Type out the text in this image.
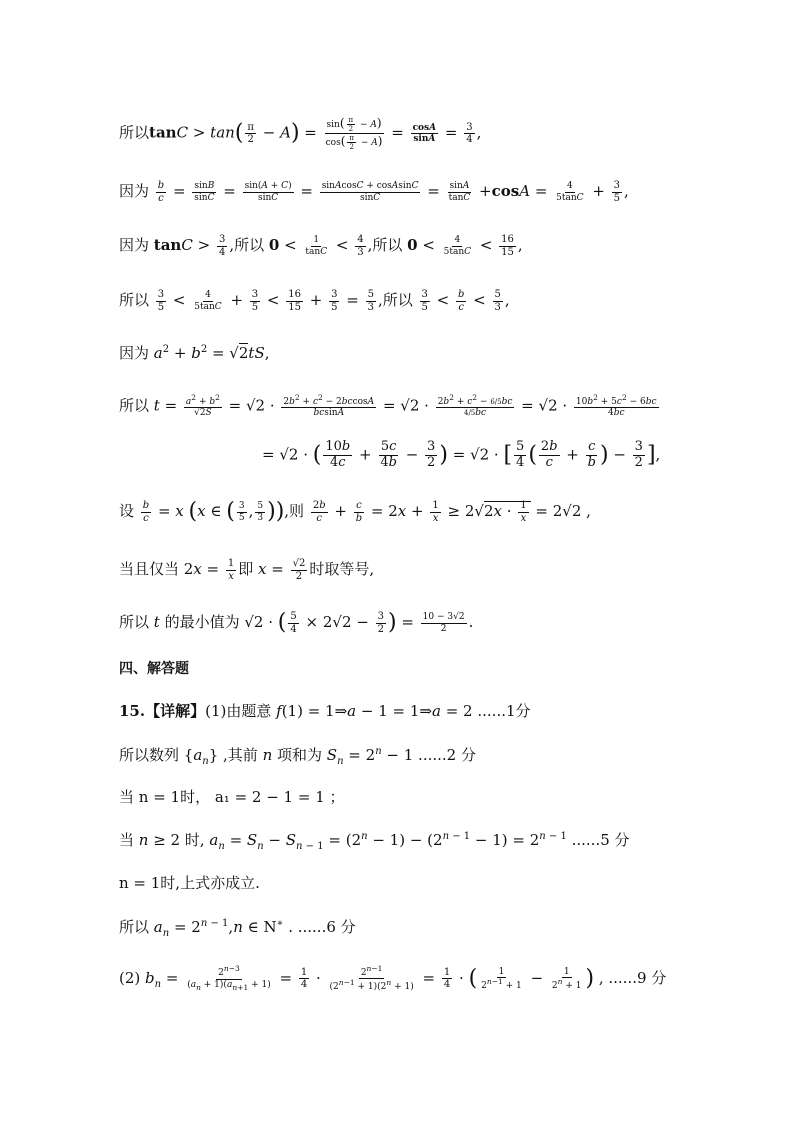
所以$\tan C > \tan( \frac{\pi}{2} - A) = \frac{\sin( \frac{\pi}{2} - A)}{\cos( \frac{\pi}{2} - A)} = \frac{\cos A}{\sin A} = \frac{3}{4}$ ,
因为 $\frac{b}{c} = \frac{\sin B}{\sin C} = \frac{\sin(A + C)}{\sin C} = \frac{\text{sinAcosC + cosAsinC}}{\sin C} = \frac{\sin A}{\tan C} +\cos A = \frac{4}{5\tan C} + \frac{3}{5}$ ,
因为 $\tan C > \frac{3}{4}$ ,所以 $0 < \frac{1}{\tan C} < \frac{4}{3}$ ,所以 $0 < \frac{4}{5\tan C} < \frac{16}{15}$ ,
所以 $\frac{3}{5} < \frac{4}{5\tan C} + \frac{3}{5} < \frac{16}{15} + \frac{3}{5} = \frac{5}{3}$ ,所以 $\frac{3}{5} < \frac{b}{c} < \frac{5}{3}$ ,
因为 $a^2 + b^2 = √2tS$,
所以 $t = \frac{a^2 + b^2}{√2S} = √2 \cdot \frac{2b^2 + c^2 - 2bccosA}{bcsinA} = √2 \cdot \frac{2b^2 + c^2 - 6/5bc}{4/5bc} = √2 \cdot \frac{10b^2 + 5c^2 - 6bc}{4bc}$
= √2 · ( $\frac{10b}{4c} + \frac{5c}{4b} - \frac{3}{2}$ ) = √2 · [ $\frac{5}{4}$ ( $\frac{2b}{c} + \frac{c}{b}$ ) − $\frac{3}{2}$ ],
设 $\frac{b}{c} = x$ (x ∈ ( $\frac{3}{5}$ , $\frac{5}{3}$ )),则 $\frac{2b}{c} + \frac{c}{b} = 2x + \frac{1}{x} \ge 2√2x \cdot \frac{1}{x} = 2√2$ ,
当且仅当 $2x = \frac{1}{x}$ 即 $x = \frac{√2}{2}$ 时取等号,
所以 t 的最小值为 √2 · ( $\frac{5}{4} \times 2√2 - \frac{3}{2}$ ) = $\frac{10 - 3√2}{2}$ .
四、解答题
15.【详解】(1)由题意 f(1) = 1⇒a − 1 = 1⇒a = 2 ......1分
所以数列 $\{a_n\}$ ,其前 n 项和为 $S_n = 2^n - 1$ ......2 分
当 n = 1时， a₁ = 2 − 1 = 1 ；
当 n ≥ 2 时, $a_n = S_n - S_{n - 1} = (2^n - 1) - (2^{n - 1} - 1) = 2^{n - 1}$ ......5 分
n = 1时,上式亦成立.
所以 $a_n = 2^{n - 1},n$ ∈ N∗ . ......6 分
(2) $b_n = \frac{2^{n-3}}{(a_n + 1)(a_{n+1} + 1)} = \frac{1}{4} \cdot \frac{2^{n-1}}{(2^{n-1} + 1)(2^n + 1)} = \frac{1}{4}$ · ( $\frac{1}{2^{n-1} + 1} - \frac{1}{2^n + 1}$ ) , ......9 分
